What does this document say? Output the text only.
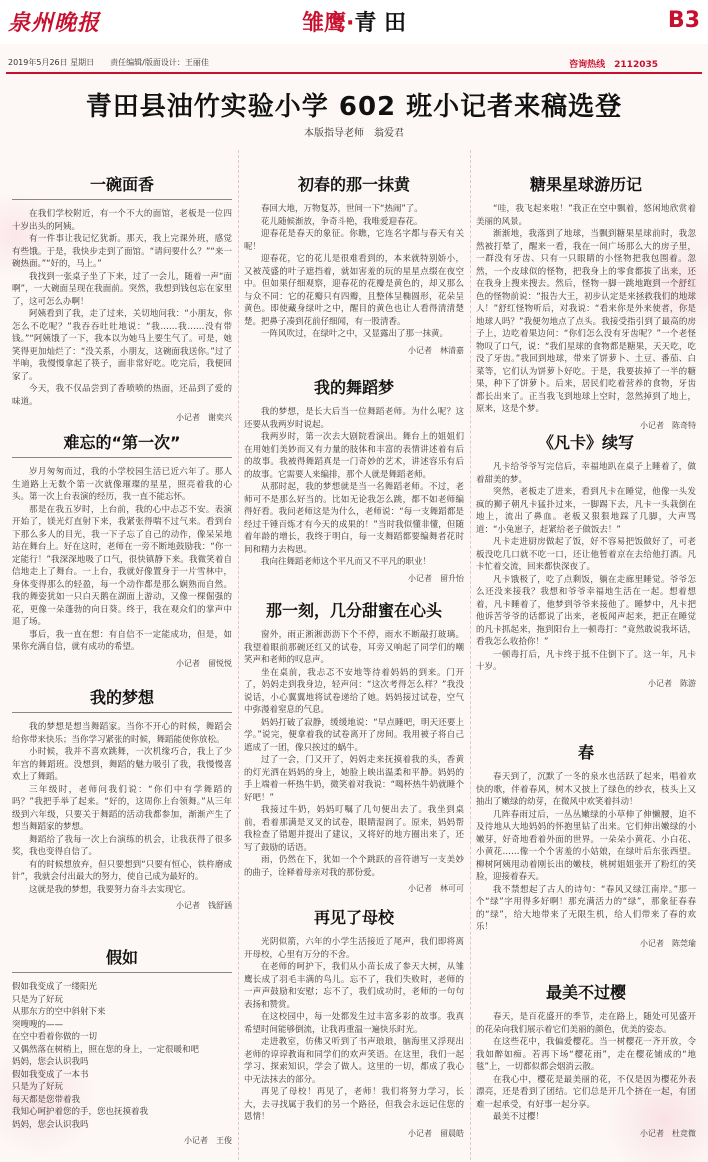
泉州晚报	雏鹰·青 田	B3
2019年5月26日 星期日　　责任编辑/版面设计：王丽佳	咨询热线　2112035
青田县油竹实验小学 602 班小记者来稿选登
本版指导老师　翁爱君
一碗面香

在我们学校附近，有一个不大的面馆，老板是一位四十岁出头的阿姨。

有一件事让我记忆犹新。那天，我上完课外班，感觉有些饿。于是，我快步走到了面馆。“请问要什么？”“来一碗热面。”“好的，马上。”

我找到一张桌子坐了下来，过了一会儿，随着一声“面啊”，一大碗面呈现在我面前。突然，我想到钱包忘在家里了，这可怎么办啊！

阿姨看到了我，走了过来，关切地问我：“小朋友，你怎么不吃呢？”我吞吞吐吐地说：“我……我……没有带钱。”“阿姨饿了一下，我本以为她马上要生气了。可是，她笑得更加灿烂了：“没关系，小朋友，这碗面我送你。”过了半晌，我慢慢拿起了筷子，面非常好吃。吃完后，我便回家了。

今天，我不仅品尝到了香喷喷的热面，还品到了爱的味道。

小记者　谢奕兴
难忘的“第一次”

岁月匆匆而过，我的小学校园生活已近六年了。那人生道路上无数个第一次就像璀璨的星星，照亮着我的心头。第一次上台表演的经历，我一直不能忘怀。

那是在我五岁时，上台前，我的心中忐忑不安。表演开始了，镁光灯直射下来，我紧张得喘不过气来。看到台下那么多人的目光，我一下子忘了自己的动作，像呆呆地站在舞台上。好在这时，老师在一旁不断地鼓励我：“你一定能行！”我深深地吸了口气，很快镇静下来。我微笑着自信地走上了舞台。一上台，我就好像置身于一片雪林中，身体变得那么的轻盈，每一个动作都是那么娴熟而自然。我的舞姿犹如一只白天鹅在湖面上游动，又像一棵倔强的花，更像一朵蓬勃的向日葵。终于，我在观众们的掌声中退了场。

事后，我一直在想：有自信不一定能成功，但是，如果你充满自信，就有成功的希望。

小记者　留悦悦
我的梦想

我的梦想是想当舞蹈家。当你不开心的时候，舞蹈会给你带来快乐；当你学习紧张的时候，舞蹈能使你放松。

小时候，我并不喜欢跳舞，一次机缘巧合，我上了少年宫的舞蹈班。没想到，舞蹈的魅力吸引了我，我慢慢喜欢上了舞蹈。

三年级时，老师问我们说：“你们中有学舞蹈的吗？”我把手举了起来。“好的，这周你上台领舞。”从三年级到六年级，只要关于舞蹈的活动我都参加，渐渐产生了想当舞蹈家的梦想。

舞蹈给了我每一次上台演练的机会，让我获得了很多奖，我也变得自信了。

有的时候想放弃，但只要想到“只要有恒心，铁杵磨成针”，我就会付出最大的努力，使自己成为最好的。

这就是我的梦想，我要努力奋斗去实现它。

小记者　钱舒涵
假如
假如我变成了一缕阳光
只是为了好玩
从那东方的空中斜射下来
突嗖嗖的——
在空中看着你做的一切
又偶然落在树梢上，照在您的身上，一定很暖和吧
妈妈，您会认识我吗
假如我变成了一本书
只是为了好玩
每天都是您带着我
我知心呵护着您的手，您也抚摸着我
妈妈，您会认识我吗
小记者　王俊
初春的那一抹黄

春回大地，万物复苏，世间一下“热闹”了。

花儿随候渐放，争奇斗艳，我唯爱迎春花。

迎春花是春天的象征。你瞧，它连名字都与春天有关呢！

迎春花，它的花儿是很难看到的，本来就特别娇小，又被茂盛的叶子遮挡着，就如害羞的玩的星星点缀在夜空中。但如果仔细观察，迎春花的花瓣是黄色的，却又那么与众不同：它的花瓣只有四瓣，且整体呈椭圆形，花朵呈黄色。即使藏身绿叶之中，醒目的黄色也让人看得清清楚楚。把鼻子凑到花前仔细闻，有一股清香。

一阵风吹过，在绿叶之中，又显露出了那一抹黄。

小记者　林清嘉
我的舞蹈梦

我的梦想，是长大后当一位舞蹈老师。为什么呢？这还要从我两岁时说起。

我两岁时，第一次去大剧院看演出。舞台上的姐姐们在用她们美妙而又有力量的肢体和丰富的表情讲述着有后的故事。我被得舞蹈真是一门奇妙的艺术，讲述容乐有后的故事。它需要人来编排，那个人就是舞蹈老师。

从那时起，我的梦想就是当一名舞蹈老师。不过，老师可不是那么好当的。比如无论我怎么跳，都不如老师编得好看。我问老师这是为什么，老师说：“每一支舞蹈都是经过千锤百炼才有今天的成果的！”当时我似懂非懂，但随着年龄的增长，我终于明白，每一支舞蹈都要编舞者花时间和精力去构思。

我向往舞蹈老师这个平凡而又不平凡的职业！

小记者　留升怡
那一刻，几分甜蜜在心头

窗外，雨正淅淅沥沥下个不停，雨水不断敲打玻璃。我望着眼前那碗还红又的试卷，耳旁又响起了同学们的嘲笑声和老师的叹息声。

坐在桌前，我忐忑不安地等待着妈妈的到来。门开了，妈妈走到我身边，轻声问：“这次考得怎么样？”我没说话，小心翼翼地将试卷递给了她。妈妈接过试卷，空气中弥漫着窒息的气息。

妈妈打破了寂静，缓缓地说：“早点睡吧，明天还要上学。”说完，便拿着我的试卷离开了房间。我用被子将自己遮成了一团，像只挨过的蜗牛。

过了一会，门又开了，妈妈走来抚摸着我的头，香黄的灯光洒在妈妈的身上，她脸上映出温柔和平静。妈妈的手上端着一杯热牛奶，微笑着对我说：“喝杯热牛奶就睡个好吧！”

我接过牛奶，妈妈叮嘱了几句便出去了。我坐到桌前，看着那满是叉叉的试卷，眼睛湿润了。原来，妈妈帮我检查了错题并提出了建议，又将好的地方圈出来了，还写了鼓励的话语。

雨，仍然在下，犹如一个个跳跃的音符谱写一支美妙的曲子，诠释着母亲对我的那份爱。

小记者　林可可
再见了母校

光阴似箭，六年的小学生活接近了尾声，我们即将离开母校，心里有万分的不舍。

在老师的呵护下，我们从小苗长成了参天大树，从雏鹰长成了羽毛丰满的鸟儿。忘不了，我们失败时，老师的一声声鼓励和安慰；忘不了，我们成功时，老师的一句句表扬和赞赏。

在这校园中，每一处都发生过丰富多彩的故事。我真希望时间能够倒流，让我再重温一遍快乐时光。

走进教室，仿佛又听到了书声琅琅，脑海里又浮现出老师的谆谆教诲和同学们的欢声笑语。在这里，我们一起学习、探索知识，学会了做人。这里的一切，都成了我心中无法抹去的部分。

再见了母校！再见了，老师！我们将努力学习，长大，去寻找属于我们的另一个路径，但我会永远记住您的恩情！

小记者　留晨皓
糖果星球游历记

“哇，我飞起来啦！”我正在空中飘着，悠闲地欣赏着美丽的风景。

渐渐地，我落到了地球，当飘到糖果星球前时，我忽然被打晕了，醒来一看，我在一间广场那么大的房子里，一群没有牙齿、只有一只眼睛的小怪物把我包围着。忽然，一个皮球似的怪物，把我身上的零食都拔了出来，还在我身上搜来搜去。然后，怪物一脚一跳地跑到一个舒红色的怪物前说：“报告大王，初步认定是来拯救我们的地球人！”舒红怪物听后，对我说：“看来你是外来使者，你是地球人吗？”我便勿地点了点头。我接受指引到了最高的房子上，边吃着果边问：“你们怎么没有牙齿呢？”一个老怪物叹了口气，说：“我们星球的食物都是糖果，天天吃，吃没了牙齿。”我回到地球，带来了饼萝卜、土豆、番茄、白菜等，它们认为饼萝卜好吃。于是，我要拔掉了一半的糖果，种下了饼萝卜。后来，居民们吃着营养的食物，牙齿都长出来了。正当我飞到地球上空时，忽然掉到了地上，原来，这是个梦。

小记者　陈奇特
《凡卡》续写

凡卡给爷爷写完信后，幸福地趴在桌子上睡着了，做着甜美的梦。

突然，老板走了进来，看到凡卡在睡觉，他像一头发疯的狮子朝凡卡猛扑过来，一脚踢下去，凡卡一头栽倒在地上，流出了鼻血。老板又狠狠地踩了几脚，大声骂道：“小兔崽子，赶紧给老子做饭去！”

凡卡走进厨房做起了饭，好不容易把饭做好了，可老板没吃几口就不吃一口，还让他暂着京在去给他打酒。凡卡忙着交流，回来都快深夜了。

凡卡饿极了，吃了点剩饭，躺在走廊里睡觉。爷爷怎么还没来接我？我想和爷爷幸福地生活在一起。想着想着，凡卡睡着了，他梦到爷爷来接他了。睡梦中，凡卡把他诉苦爷爷的话都说了出来，老板闻声起来，把正在睡觉的凡卡抓起来，拖到阳台上一顿毒打：“竟然敢说我坏话，看我怎么收拾你！”

一顿毒打后，凡卡终于抵不住倒下了。这一年，凡卡十岁。

小记者　陈游
春

春天到了，沉默了一冬的泉水也活跃了起来，唱着欢快的歌，伴着春风，树木又披上了绿色的纱衣，枝头上又抽出了嫩绿的幼芽，在微风中欢笑着抖动！

几阵春雨过后，一丛丛嫩绿的小草伸了伸懒腰，迫不及待地从大地妈妈的怀抱里钻了出来。它们伸出嫩绿的小嫩芽，好奇地看着外面的世界。一朵朵小黄花、小白花、小黄花……像一个个害羞的小姑娘，在绿叶后东张西望。柳树阿姨甩动着刚长出的嫩枝，桃树姐姐张开了粉红的笑脸，迎接着春天。

我不禁想起了古人的诗句：“春风又绿江南岸。”那一个“绿”字用得多好啊！那充满活力的“绿”，那象征春春的“绿”，给大地带来了无限生机，给人们带来了春的欢乐！

小记者　陈莞瑜
最美不过樱

春天，是百花盛开的季节，走在路上，随处可见盛开的花朵向我们展示着它们美丽的颜色，优美的姿态。

在这些花中，我偏爱樱花。当一树樱花一齐开放，令我如醉如痴。若再下场“樱花雨”，走在樱花铺成的“地毯”上，一切都似都会烟消云散。

在我心中，樱花是最美丽的花，不仅是因为樱花外表漂亮，还是看到了团结。它们总是开几个挤在一起，有团难一起承受，有好事一起分享。

最美不过樱！

小记者　杜竞微
